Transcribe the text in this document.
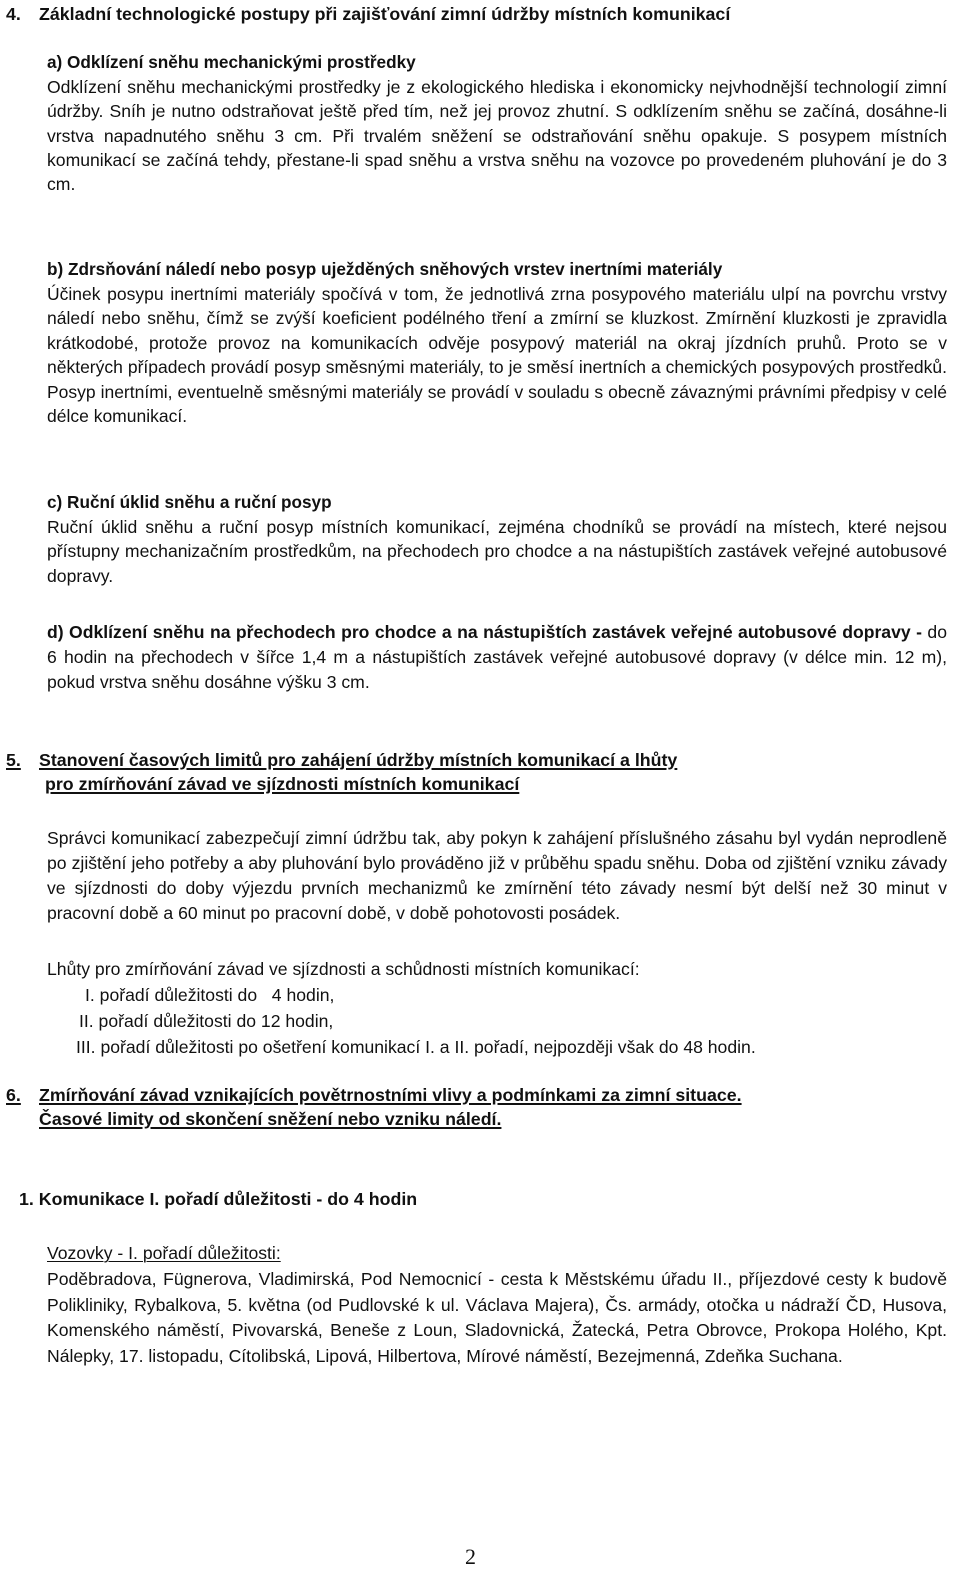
4. Základní technologické postupy při zajišťování zimní údržby místních komunikací
a) Odklízení sněhu mechanickými prostředky
Odklízení sněhu mechanickými prostředky je z ekologického hlediska i ekonomicky nejvhodnější technologií zimní údržby. Sníh je nutno odstraňovat ještě před tím, než jej provoz zhutní. S odklízením sněhu se začíná, dosáhne-li vrstva napadnutého sněhu 3 cm. Při trvalém sněžení se odstraňování sněhu opakuje. S posypem místních komunikací se začíná tehdy, přestane-li spad sněhu a vrstva sněhu na vozovce po provedeném pluhování je do 3 cm.
b) Zdrsňování náledí nebo posyp uježděných sněhových vrstev inertními materiály
Účinek posypu inertními materiály spočívá v tom, že jednotlivá zrna posypového materiálu ulpí na povrchu vrstvy náledí nebo sněhu, čímž se zvýší koeficient podélného tření a zmírní se kluzkost. Zmírnění kluzkosti je zpravidla krátkodobé, protože provoz na komunikacích odvěje posypový materiál na okraj jízdních pruhů. Proto se v některých případech provádí posyp směsnými materiály, to je směsí inertních a chemických posypových prostředků. Posyp inertními, eventuelně směsnými materiály se provádí v souladu s obecně závaznými právními předpisy v celé délce komunikací.
c) Ruční úklid sněhu a ruční posyp
Ruční úklid sněhu a ruční posyp místních komunikací, zejména chodníků se provádí na místech, které nejsou přístupny mechanizačním prostředkům, na přechodech pro chodce a na nástupištích zastávek veřejné autobusové dopravy.
d) Odklízení sněhu na přechodech pro chodce a na nástupištích zastávek veřejné autobusové dopravy - do 6 hodin na přechodech v šířce 1,4 m a nástupištích zastávek veřejné autobusové dopravy (v délce min. 12 m), pokud vrstva sněhu dosáhne výšku 3 cm.
5. Stanovení časových limitů pro zahájení údržby místních komunikací a lhůty
pro zmírňování závad ve sjízdnosti místních komunikací
Správci komunikací zabezpečují zimní údržbu tak, aby pokyn k zahájení příslušného zásahu byl vydán neprodleně po zjištění jeho potřeby a aby pluhování bylo prováděno již v průběhu spadu sněhu. Doba od zjištění vzniku závady ve sjízdnosti do doby výjezdu prvních mechanizmů ke zmírnění této závady nesmí být delší než 30 minut v pracovní době a 60 minut po pracovní době, v době pohotovosti posádek.
Lhůty pro zmírňování závad ve sjízdnosti a schůdnosti místních komunikací:
I. pořadí důležitosti do   4 hodin,
II. pořadí důležitosti do 12 hodin,
III. pořadí důležitosti po ošetření komunikací I. a II. pořadí, nejpozději však do 48 hodin.
6. Zmírňování závad vznikajících povětrnostními vlivy a podmínkami za zimní situace.
Časové limity od skončení sněžení nebo vzniku náledí.
1. Komunikace I. pořadí důležitosti - do 4 hodin
Vozovky - I. pořadí důležitosti:
Poděbradova, Fügnerova, Vladimirská, Pod Nemocnicí - cesta k Městskému úřadu II., příjezdové cesty k budově Polikliniky, Rybalkova, 5. května (od Pudlovské k ul. Václava Majera), Čs. armády, otočka u nádraží ČD, Husova, Komenského náměstí, Pivovarská, Beneše z Loun, Sladovnická, Žatecká, Petra Obrovce, Prokopa Holého, Kpt. Nálepky, 17. listopadu, Cítolibská, Lipová, Hilbertova, Mírové náměstí, Bezejmenná, Zdeňka Suchana.
2
